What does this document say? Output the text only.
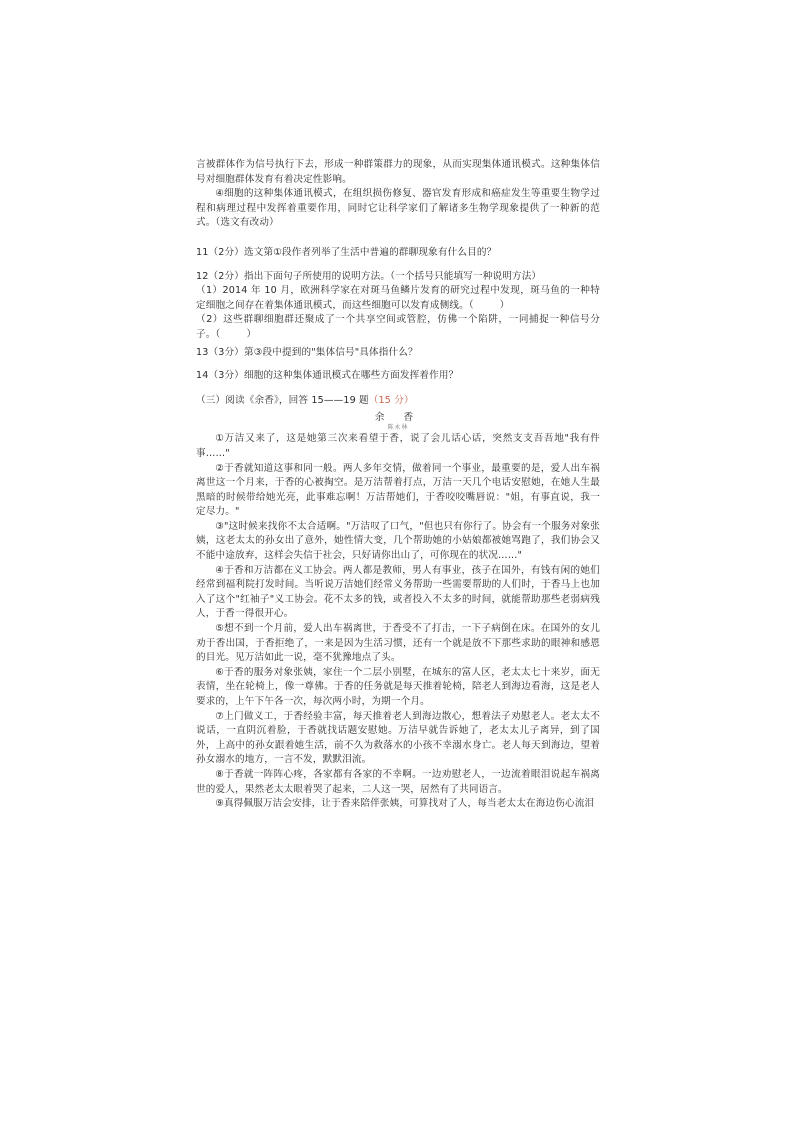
言被群体作为信号执行下去，形成一种群策群力的现象，从而实现集体通讯模式。这种集体信号对细胞群体发育有着决定性影响。

④细胞的这种集体通讯模式，在组织损伤修复、器官发育形成和癌症发生等重要生物学过程和病理过程中发挥着重要作用，同时它让科学家们了解诸多生物学现象提供了一种新的范式。（选文有改动）

11（2分）选文第①段作者列举了生活中普遍的群聊现象有什么目的？

12（2分）指出下面句子所使用的说明方法。（一个括号只能填写一种说明方法）

（1）2014 年 10 月，欧洲科学家在对斑马鱼鳞片发育的研究过程中发现，斑马鱼的一种特定细胞之间存在着集体通讯模式，而这些细胞可以发育成侧线。（	）

（2）这些群聊细胞群还聚成了一个共享空间或管腔，仿佛一个陷阱，一同捕捉一种信号分子。（	）

13（3分）第③段中提到的"集体信号"具体指什么？

14（3分）细胞的这种集体通讯模式在哪些方面发挥着作用？

（三）阅读《余香》，回答 15——19 题（15 分）

余 香

陈永林

①万洁又来了，这是她第三次来看望于香，说了会儿话心话，突然支支吾吾地"我有件事……"

②于香就知道这事和同一般。两人多年交情，做着同一个事业，最重要的是，爱人出车祸离世这一个月来，于香的心被掏空。是万洁帮着打点，万洁一天几个电话安慰她，在她人生最黑暗的时候带给她光亮，此事难忘啊！万洁帮她们，于香咬咬嘴唇说："姐，有事直说，我一定尽力。"

③"这时候来找你不太合适啊。"万洁叹了口气，"但也只有你行了。协会有一个服务对象张姨，这老太太的孙女出了意外，她性情大变，几个帮助她的小姑娘都被她骂跑了，我们协会又不能中途放弃，这样会失信于社会，只好请你出山了，可你现在的状况……"

④于香和万洁都在义工协会。两人都是教师，男人有事业，孩子在国外，有钱有闲的她们经常到福利院打发时间。当听说万洁她们经常义务帮助一些需要帮助的人们时，于香马上也加入了这个"红袖子"义工协会。花不太多的钱，或者投入不太多的时间，就能帮助那些老弱病残人，于香一得很开心。

⑤想不到一个月前，爱人出车祸离世，于香受不了打击，一下子病倒在床。在国外的女儿劝于香出国，于香拒绝了，一来是因为生活习惯，还有一个就是放不下那些求助的眼神和感恩的目光。见万洁如此一说，毫不犹豫地点了头。

⑥于香的服务对象张姨，家住一个二层小别墅，在城东的富人区，老太太七十来岁，面无表情，坐在轮椅上，像一尊佛。于香的任务就是每天推着轮椅，陪老人到海边看海，这是老人要求的，上午下午各一次，每次两小时，为期一个月。

⑦上门做义工，于香经验丰富，每天推着老人到海边散心，想着法子劝慰老人。老太太不说话，一直阴沉着脸，于香就找话题安慰她。万洁早就告诉她了，老太太儿子离异，到了国外，上高中的孙女跟着她生活，前不久为救落水的小孩不幸溺水身亡。老人每天到海边，望着孙女溺水的地方，一言不发，默默泪流。

⑧于香就一阵阵心疼，各家都有各家的不幸啊。一边劝慰老人，一边流着眼泪说起车祸离世的爱人，果然老太太眼着哭了起来，二人这一哭，居然有了共同语言。

⑨真得佩服万洁会安排，让于香来陪伴张姨，可算找对了人，每当老太太在海边伤心流泪
